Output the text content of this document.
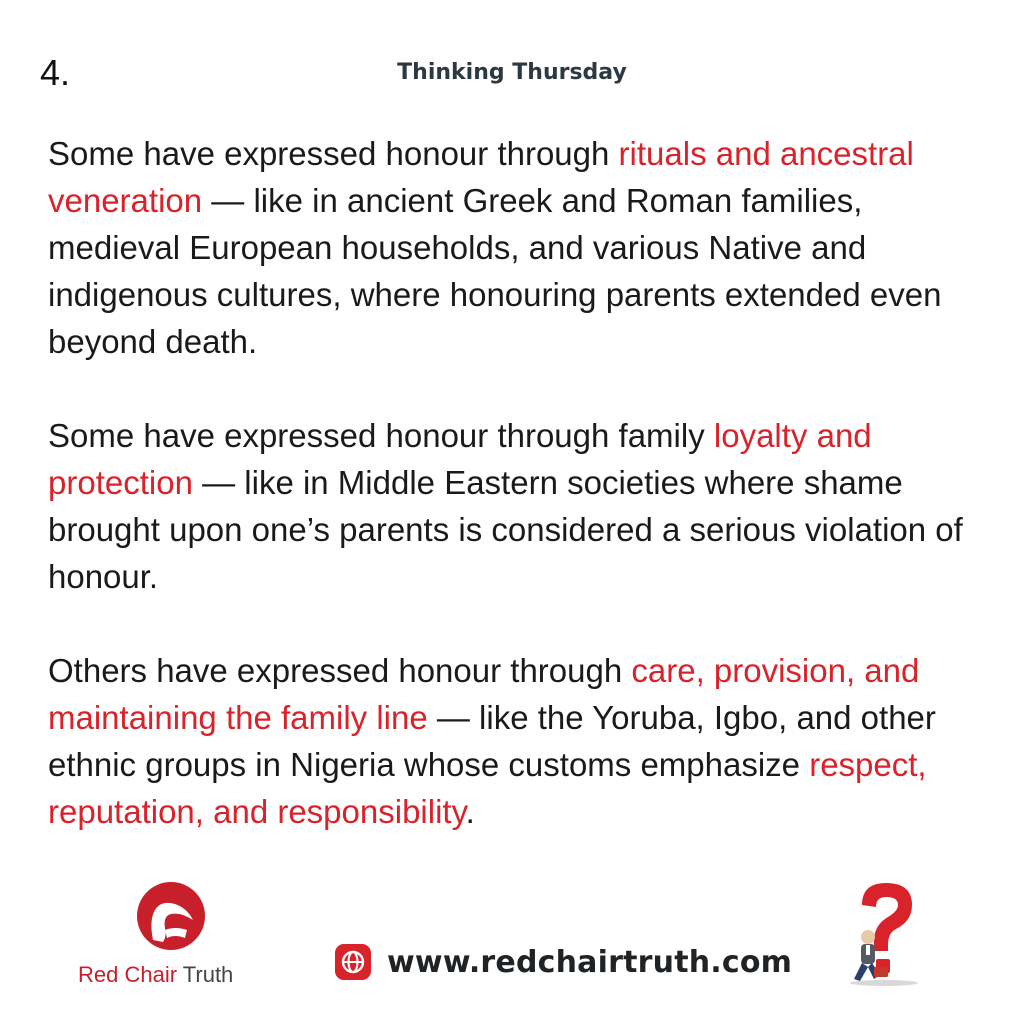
4.	Thinking Thursday

Some have expressed honour through rituals and ancestral veneration — like in ancient Greek and Roman families, medieval European households, and various Native and indigenous cultures, where honouring parents extended even beyond death.

Some have expressed honour through family loyalty and protection — like in Middle Eastern societies where shame brought upon one’s parents is considered a serious violation of honour.

Others have expressed honour through care, provision, and maintaining the family line — like the Yoruba, Igbo, and other ethnic groups in Nigeria whose customs emphasize respect, reputation, and responsibility.

Red Chair Truth	www.redchairtruth.com
